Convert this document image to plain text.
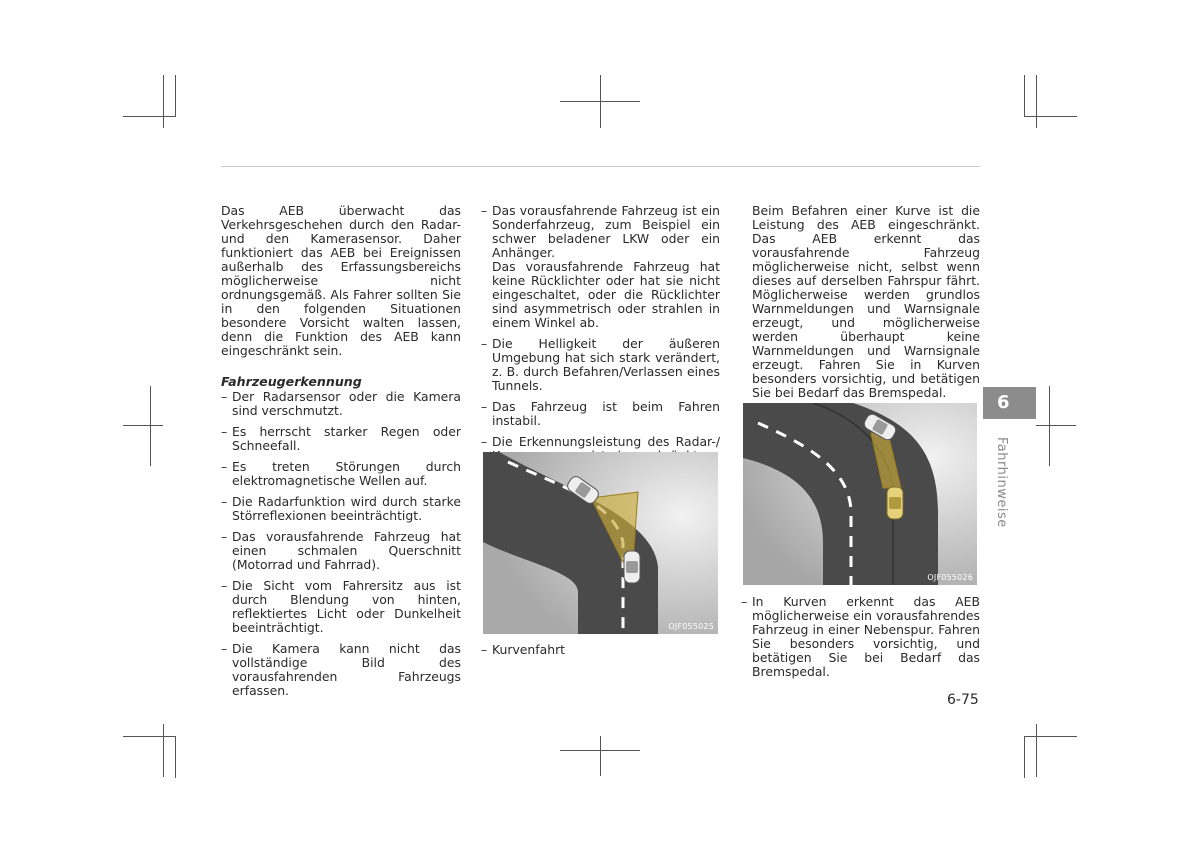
Das AEB überwacht das Verkehrsgeschehen durch den Radar- und den Kamerasensor. Daher funktioniert das AEB bei Ereignissen außerhalb des Erfassungsbereichs möglicherweise nicht ordnungsgemäß. Als Fahrer sollten Sie in den folgenden Situationen besondere Vorsicht walten lassen, denn die Funktion des AEB kann eingeschränkt sein.

Fahrzeugerkennung
– Der Radarsensor oder die Kamera sind verschmutzt.
– Es herrscht starker Regen oder Schneefall.
– Es treten Störungen durch elektromagnetische Wellen auf.
– Die Radarfunktion wird durch starke Störreflexionen beeinträchtigt.
– Das vorausfahrende Fahrzeug hat einen schmalen Querschnitt (Motorrad und Fahrrad).
– Die Sicht vom Fahrersitz aus ist durch Blendung von hinten, reflektiertes Licht oder Dunkelheit beeinträchtigt.
– Die Kamera kann nicht das vollständige Bild des vorausfahrenden Fahrzeugs erfassen.
– Das vorausfahrende Fahrzeug ist ein Sonderfahrzeug, zum Beispiel ein schwer beladener LKW oder ein Anhänger.
Das vorausfahrende Fahrzeug hat keine Rücklichter oder hat sie nicht eingeschaltet, oder die Rücklichter sind asymmetrisch oder strahlen in einem Winkel ab.
– Die Helligkeit der äußeren Umgebung hat sich stark verändert, z. B. durch Befahren/Verlassen eines Tunnels.
– Das Fahrzeug ist beim Fahren instabil.
– Die Erkennungsleistung des Radar-/
OJF055025
– Kurvenfahrt

Beim Befahren einer Kurve ist die Leistung des AEB eingeschränkt. Das AEB erkennt das vorausfahrende Fahrzeug möglicherweise nicht, selbst wenn dieses auf derselben Fahrspur fährt. Möglicherweise werden grundlos Warnmeldungen und Warnsignale erzeugt, und möglicherweise werden überhaupt keine Warnmeldungen und Warnsignale erzeugt. Fahren Sie in Kurven besonders vorsichtig, und betätigen Sie bei Bedarf das Bremspedal.

OJF055026
– In Kurven erkennt das AEB möglicherweise ein vorausfahrendes Fahrzeug in einer Nebenspur. Fahren Sie besonders vorsichtig, und betätigen Sie bei Bedarf das Bremspedal.
6
Fahrhinweise
6-75
